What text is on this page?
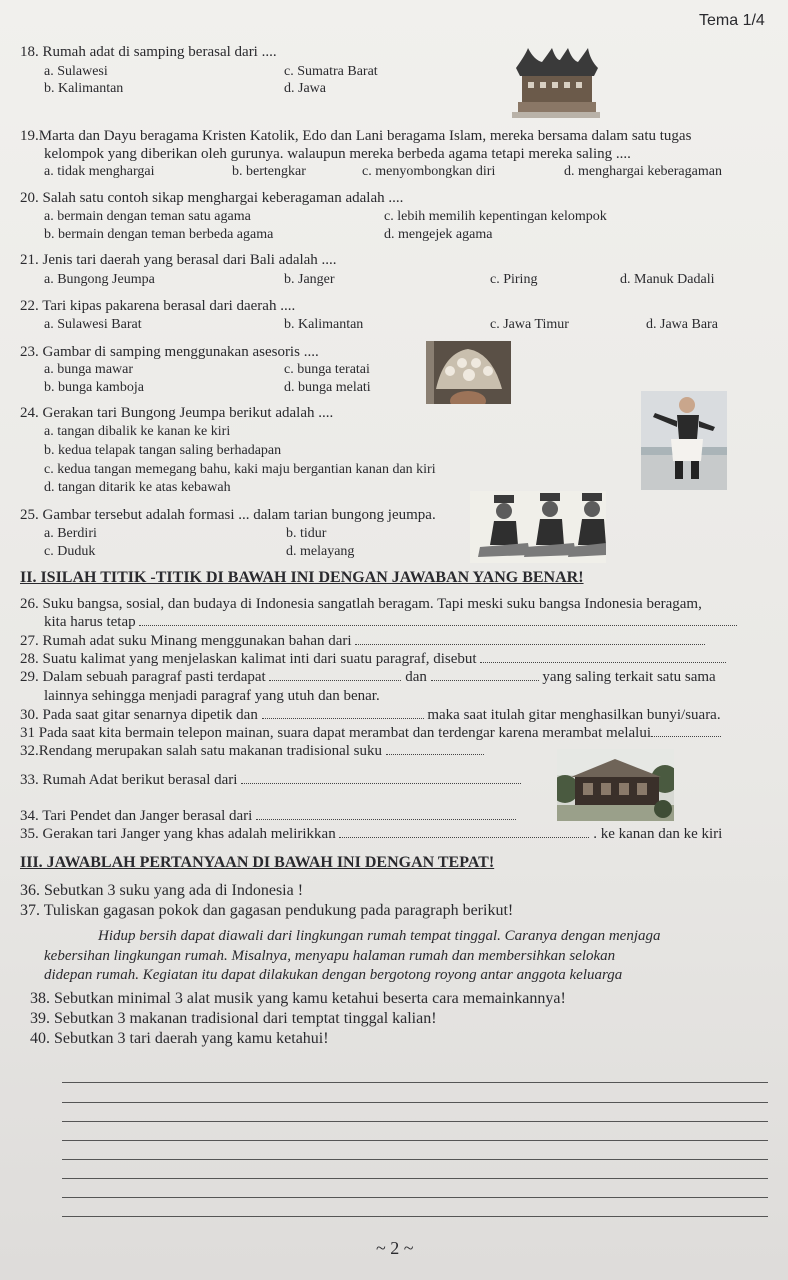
Tema 1/4
18. Rumah adat di samping berasal dari ....
a. Sulawesi	c. Sumatra Barat
b. Kalimantan	d. Jawa
19.Marta dan Dayu beragama Kristen Katolik, Edo dan Lani beragama Islam, mereka bersama dalam satu tugas
kelompok yang diberikan oleh gurunya. walaupun mereka berbeda agama tetapi mereka saling ....
a. tidak menghargai	b. bertengkar	c. menyombongkan diri	d. menghargai keberagaman
20. Salah satu contoh sikap menghargai keberagaman adalah ....
a. bermain dengan teman satu agama	c. lebih memilih kepentingan kelompok
b. bermain dengan teman berbeda agama	d. mengejek agama
21. Jenis tari daerah yang berasal dari Bali adalah ....
a. Bungong Jeumpa	b. Janger	c. Piring	d. Manuk Dadali
22. Tari kipas pakarena berasal dari daerah ....
a. Sulawesi Barat	b. Kalimantan	c. Jawa Timur	d. Jawa Bara
23. Gambar di samping menggunakan asesoris ....
a. bunga mawar	c. bunga teratai
b. bunga kamboja	d. bunga melati
24. Gerakan tari Bungong Jeumpa berikut adalah ....
a. tangan dibalik ke kanan ke kiri
b. kedua telapak tangan saling berhadapan
c. kedua tangan memegang bahu, kaki maju bergantian kanan dan kiri
d. tangan ditarik ke atas kebawah
25. Gambar tersebut adalah formasi ... dalam tarian bungong jeumpa.
a. Berdiri	b. tidur
c. Duduk	d. melayang
II. ISILAH TITIK -TITIK DI BAWAH INI DENGAN JAWABAN YANG BENAR!
26. Suku bangsa, sosial, dan budaya di Indonesia sangatlah beragam. Tapi meski suku bangsa Indonesia beragam,
kita harus tetap
27. Rumah adat suku Minang menggunakan bahan dari
28. Suatu kalimat yang menjelaskan kalimat inti dari suatu paragraf, disebut
29. Dalam sebuah paragraf pasti terdapat	dan	yang saling terkait satu sama
lainnya sehingga menjadi paragraf yang utuh dan benar.
30. Pada saat gitar senarnya dipetik dan	maka saat itulah gitar menghasilkan bunyi/suara.
31 Pada saat kita bermain telepon mainan, suara dapat merambat dan terdengar karena merambat melalui
32.Rendang merupakan salah satu makanan tradisional suku
33. Rumah Adat berikut berasal dari
34. Tari Pendet dan Janger berasal dari
35. Gerakan tari Janger yang khas adalah melirikkan	. ke kanan dan ke kiri
III. JAWABLAH PERTANYAAN DI BAWAH INI DENGAN TEPAT!
36. Sebutkan 3 suku yang ada di Indonesia !
37. Tuliskan gagasan pokok dan gagasan pendukung pada paragraph berikut!
Hidup bersih dapat diawali dari lingkungan rumah tempat tinggal. Caranya dengan menjaga
kebersihan lingkungan rumah. Misalnya, menyapu halaman rumah dan membersihkan selokan
didepan rumah. Kegiatan itu dapat dilakukan dengan bergotong royong antar anggota keluarga
38. Sebutkan minimal 3 alat musik yang kamu ketahui beserta cara memainkannya!
39. Sebutkan 3 makanan tradisional dari temptat tinggal kalian!
40. Sebutkan 3 tari daerah yang kamu ketahui!
~ 2 ~
